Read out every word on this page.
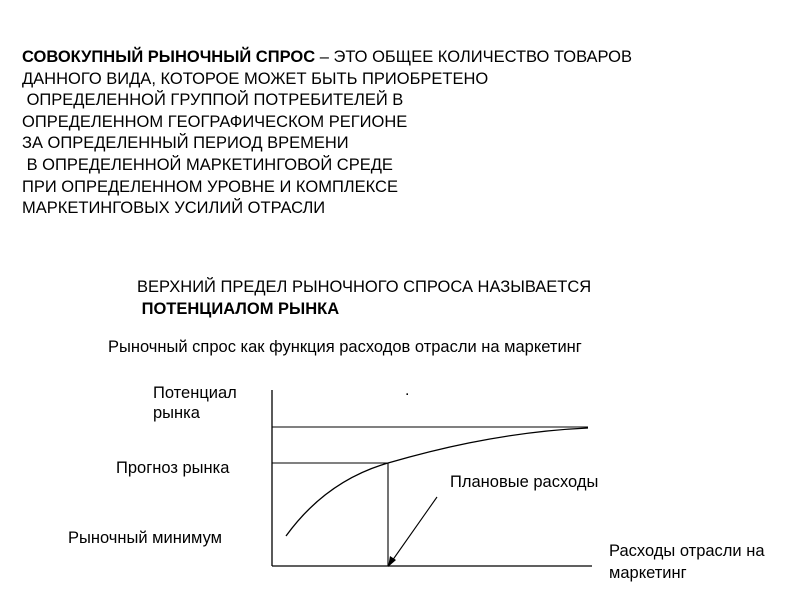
СОВОКУПНЫЙ РЫНОЧНЫЙ СПРОС – ЭТО ОБЩЕЕ КОЛИЧЕСТВО ТОВАРОВ
ДАННОГО ВИДА, КОТОРОЕ МОЖЕТ БЫТЬ ПРИОБРЕТЕНО
ОПРЕДЕЛЕННОЙ ГРУППОЙ ПОТРЕБИТЕЛЕЙ В
ОПРЕДЕЛЕННОМ ГЕОГРАФИЧЕСКОМ РЕГИОНЕ
ЗА ОПРЕДЕЛЕННЫЙ ПЕРИОД ВРЕМЕНИ
В ОПРЕДЕЛЕННОЙ МАРКЕТИНГОВОЙ СРЕДЕ
ПРИ ОПРЕДЕЛЕННОМ УРОВНЕ И КОМПЛЕКСЕ
МАРКЕТИНГОВЫХ УСИЛИЙ ОТРАСЛИ
ВЕРХНИЙ ПРЕДЕЛ РЫНОЧНОГО СПРОСА НАЗЫВАЕТСЯ
ПОТЕНЦИАЛОМ РЫНКА
Рыночный спрос как функция расходов отрасли на маркетинг
Потенциал рынка
Прогноз рынка
Рыночный минимум
Плановые расходы
Расходы отрасли на маркетинг
.
